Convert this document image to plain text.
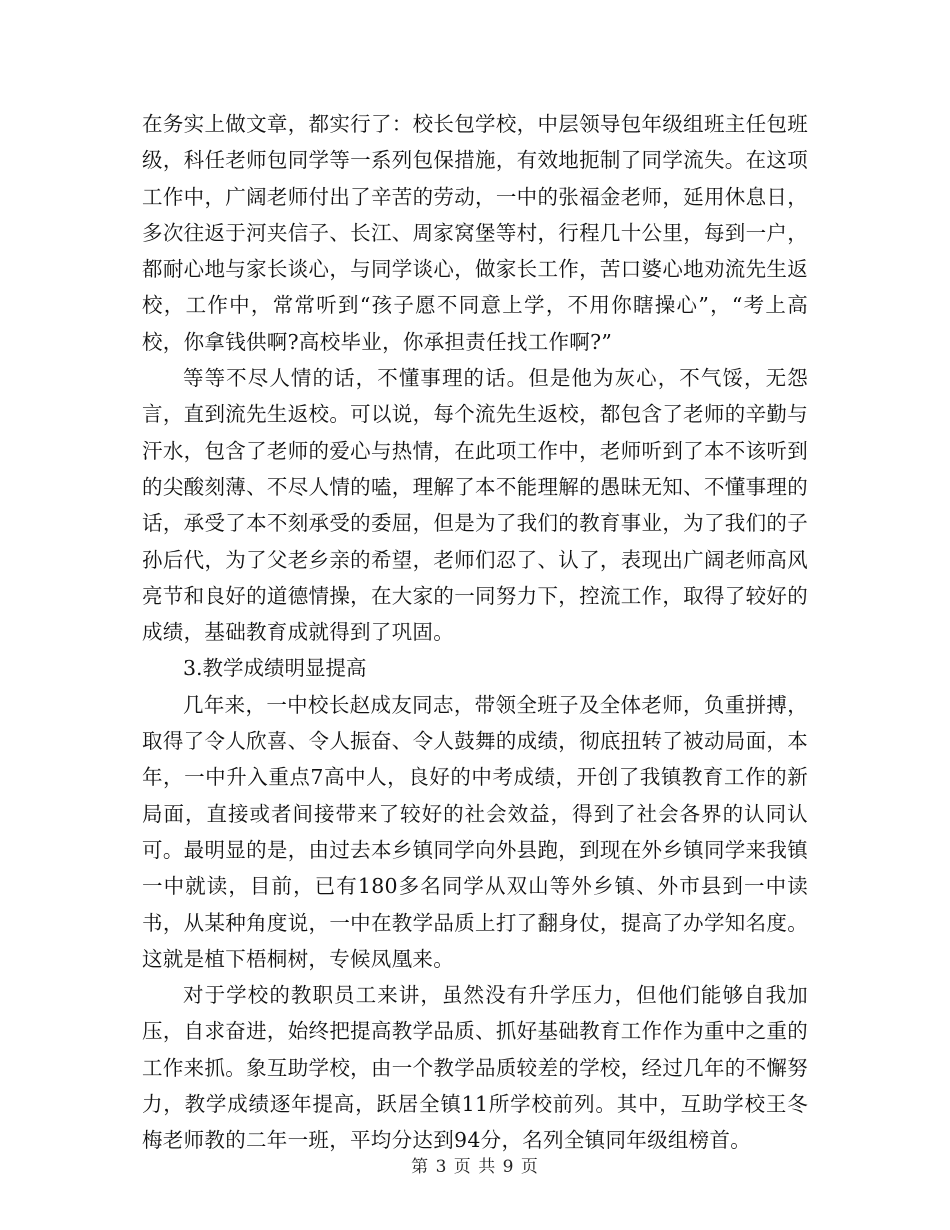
在务实上做文章，都实行了：校长包学校，中层领导包年级组班主任包班级，科任老师包同学等一系列包保措施，有效地扼制了同学流失。在这项工作中，广阔老师付出了辛苦的劳动，一中的张福金老师，延用休息日，多次往返于河夹信子、长江、周家窝堡等村，行程几十公里，每到一户，都耐心地与家长谈心，与同学谈心，做家长工作，苦口婆心地劝流先生返校，工作中，常常听到“孩子愿不同意上学，不用你瞎操心”，“考上高校，你拿钱供啊?高校毕业，你承担责任找工作啊?”

等等不尽人情的话，不懂事理的话。但是他为灰心，不气馁，无怨言，直到流先生返校。可以说，每个流先生返校，都包含了老师的辛勤与汗水，包含了老师的爱心与热情，在此项工作中，老师听到了本不该听到的尖酸刻薄、不尽人情的嗑，理解了本不能理解的愚昧无知、不懂事理的话，承受了本不刻承受的委屈，但是为了我们的教育事业，为了我们的子孙后代，为了父老乡亲的希望，老师们忍了、认了，表现出广阔老师高风亮节和良好的道德情操，在大家的一同努力下，控流工作，取得了较好的成绩，基础教育成就得到了巩固。

3.教学成绩明显提高

几年来，一中校长赵成友同志，带领全班子及全体老师，负重拼搏，取得了令人欣喜、令人振奋、令人鼓舞的成绩，彻底扭转了被动局面，本年，一中升入重点7高中人，良好的中考成绩，开创了我镇教育工作的新局面，直接或者间接带来了较好的社会效益，得到了社会各界的认同认可。最明显的是，由过去本乡镇同学向外县跑，到现在外乡镇同学来我镇一中就读，目前，已有180多名同学从双山等外乡镇、外市县到一中读书，从某种角度说，一中在教学品质上打了翻身仗，提高了办学知名度。这就是植下梧桐树，专候凤凰来。

对于学校的教职员工来讲，虽然没有升学压力，但他们能够自我加压，自求奋进，始终把提高教学品质、抓好基础教育工作作为重中之重的工作来抓。象互助学校，由一个教学品质较差的学校，经过几年的不懈努力，教学成绩逐年提高，跃居全镇11所学校前列。其中，互助学校王冬梅老师教的二年一班，平均分达到94分，名列全镇同年级组榜首。

第 3 页 共 9 页
